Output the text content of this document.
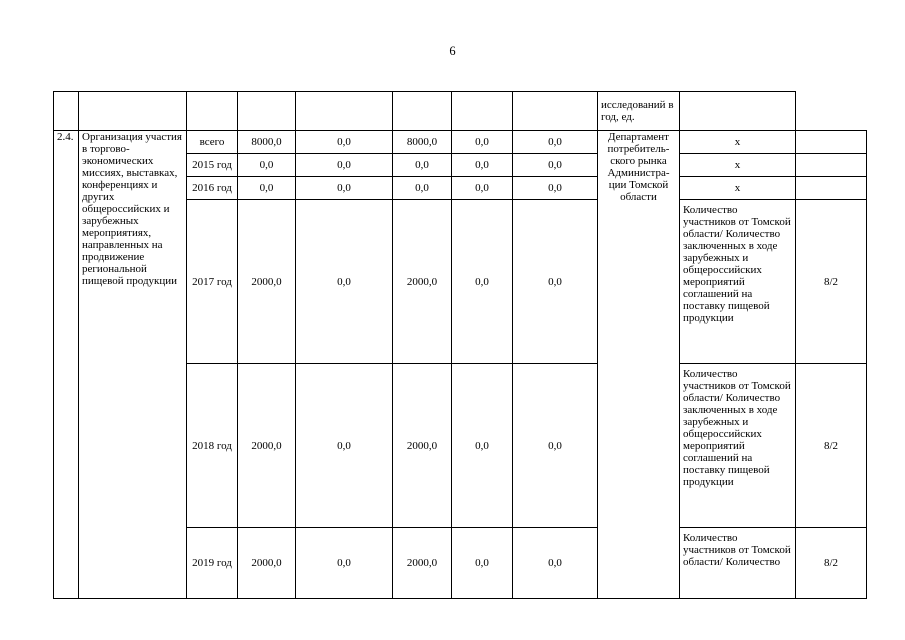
6
								исследований в год, ед.		
2.4.	Организация участия в торгово-экономических миссиях, выставках, конференциях и других общероссийских и зарубежных мероприятиях, направленных на продвижение региональной пищевой продукции	всего	8000,0	0,0	8000,0	0,0	0,0	Департамент потребитель-ского рынка Администра-ции Томской области	х	
		2015 год	0,0	0,0	0,0	0,0	0,0		х	
		2016 год	0,0	0,0	0,0	0,0	0,0		х	
		2017 год	2000,0	0,0	2000,0	0,0	0,0		Количество участников от Томской области/ Количество заключенных в ходе зарубежных и общероссийских мероприятий соглашений на поставку пищевой продукции	8/2
		2018 год	2000,0	0,0	2000,0	0,0	0,0		Количество участников от Томской области/ Количество заключенных в ходе зарубежных и общероссийских мероприятий соглашений на поставку пищевой продукции	8/2
		2019 год	2000,0	0,0	2000,0	0,0	0,0		Количество участников от Томской области/ Количество	8/2
